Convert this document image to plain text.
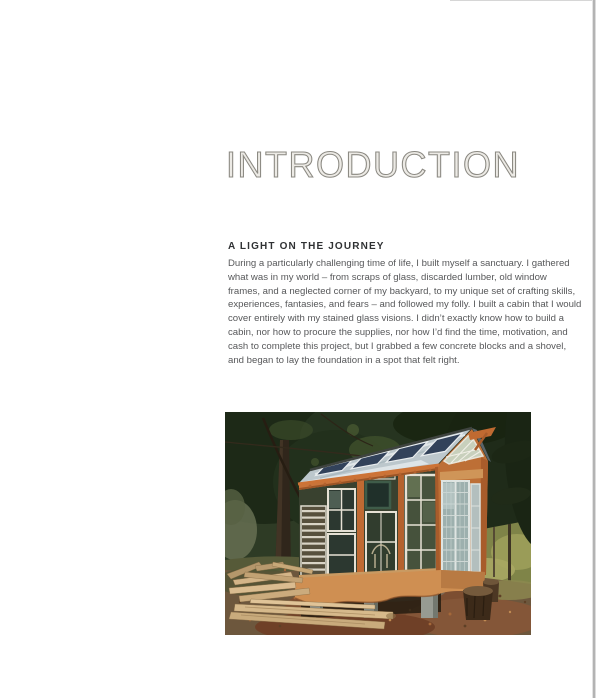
INTRODUCTION
A LIGHT ON THE JOURNEY
During a particularly challenging time of life, I built myself a sanctuary. I gathered
what was in my world – from scraps of glass, discarded lumber, old window
frames, and a neglected corner of my backyard, to my unique set of crafting skills,
experiences, fantasies, and fears – and followed my folly. I built a cabin that I would
cover entirely with my stained glass visions. I didn’t exactly know how to build a
cabin, nor how to procure the supplies, nor how I’d find the time, motivation, and
cash to complete this project, but I grabbed a few concrete blocks and a shovel,
and began to lay the foundation in a spot that felt right.
